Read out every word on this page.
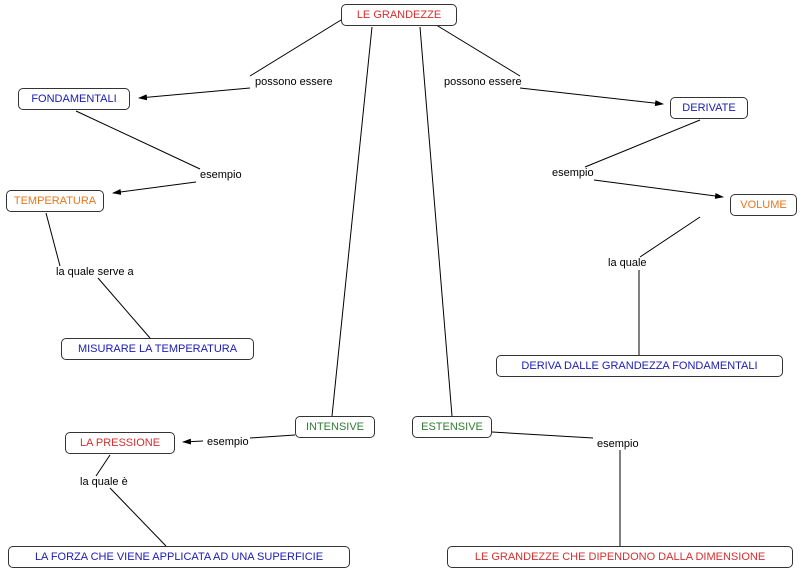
LE GRANDEZZE
FONDAMENTALI
DERIVATE
TEMPERATURA	VOLUME
MISURARE LA TEMPERATURA
DERIVA DALLE GRANDEZZA FONDAMENTALI
INTENSIVE	ESTENSIVE
LA PRESSIONE
LA FORZA CHE VIENE APPLICATA AD UNA SUPERFICIE	LE GRANDEZZE CHE DIPENDONO DALLA DIMENSIONE
possono essere	possono essere
esempio	esempio
la quale serve a
la quale
esempio	esempio
la quale è
